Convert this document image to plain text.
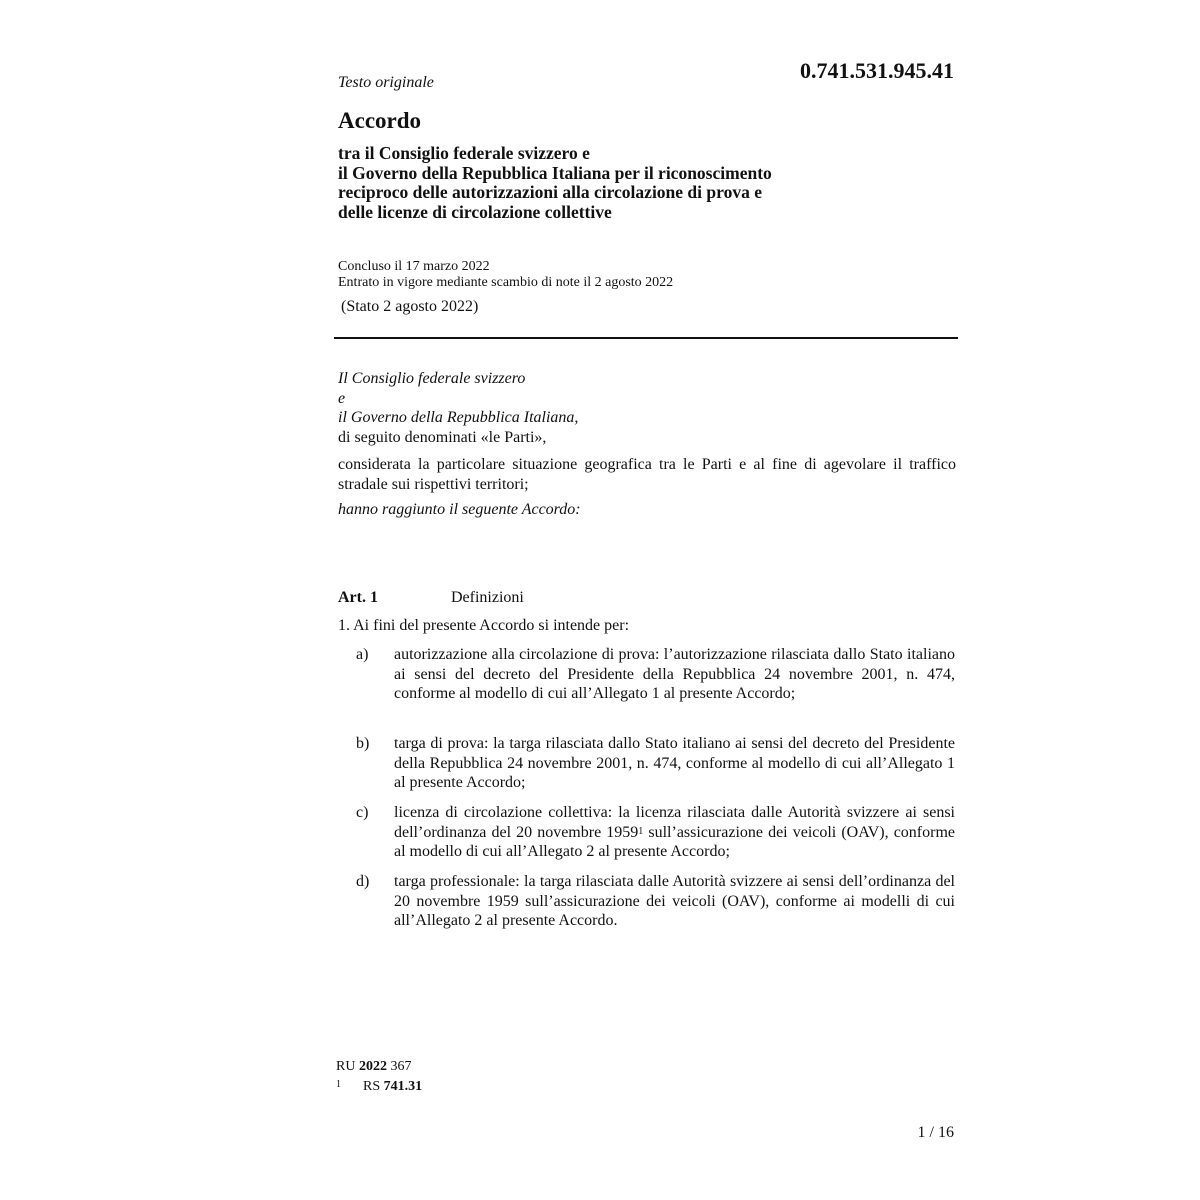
0.741.531.945.41
Testo originale
Accordo
tra il Consiglio federale svizzero e
il Governo della Repubblica Italiana per il riconoscimento
reciproco delle autorizzazioni alla circolazione di prova e
delle licenze di circolazione collettive
Concluso il 17 marzo 2022
Entrato in vigore mediante scambio di note il 2 agosto 2022
(Stato 2 agosto 2022)
Il Consiglio federale svizzero
e
il Governo della Repubblica Italiana,
di seguito denominati «le Parti»,
considerata la particolare situazione geografica tra le Parti e al fine di agevolare il traffico stradale sui rispettivi territori;
hanno raggiunto il seguente Accordo:
Art. 1	Definizioni
1. Ai fini del presente Accordo si intende per:
a) autorizzazione alla circolazione di prova: l’autorizzazione rilasciata dallo Stato italiano ai sensi del decreto del Presidente della Repubblica 24 novembre 2001, n. 474, conforme al modello di cui all’Allegato 1 al presente Accordo;
b) targa di prova: la targa rilasciata dallo Stato italiano ai sensi del decreto del Presidente della Repubblica 24 novembre 2001, n. 474, conforme al modello di cui all’Allegato 1 al presente Accordo;
c) licenza di circolazione collettiva: la licenza rilasciata dalle Autorità svizzere ai sensi dell’ordinanza del 20 novembre 1959$^1$ sull’assicurazione dei veicoli (OAV), conforme al modello di cui all’Allegato 2 al presente Accordo;
d) targa professionale: la targa rilasciata dalle Autorità svizzere ai sensi dell’ordinanza del 20 novembre 1959 sull’assicurazione dei veicoli (OAV), conforme ai modelli di cui all’Allegato 2 al presente Accordo.
RU 2022 367
$^1$ RS 741.31
1 / 16
